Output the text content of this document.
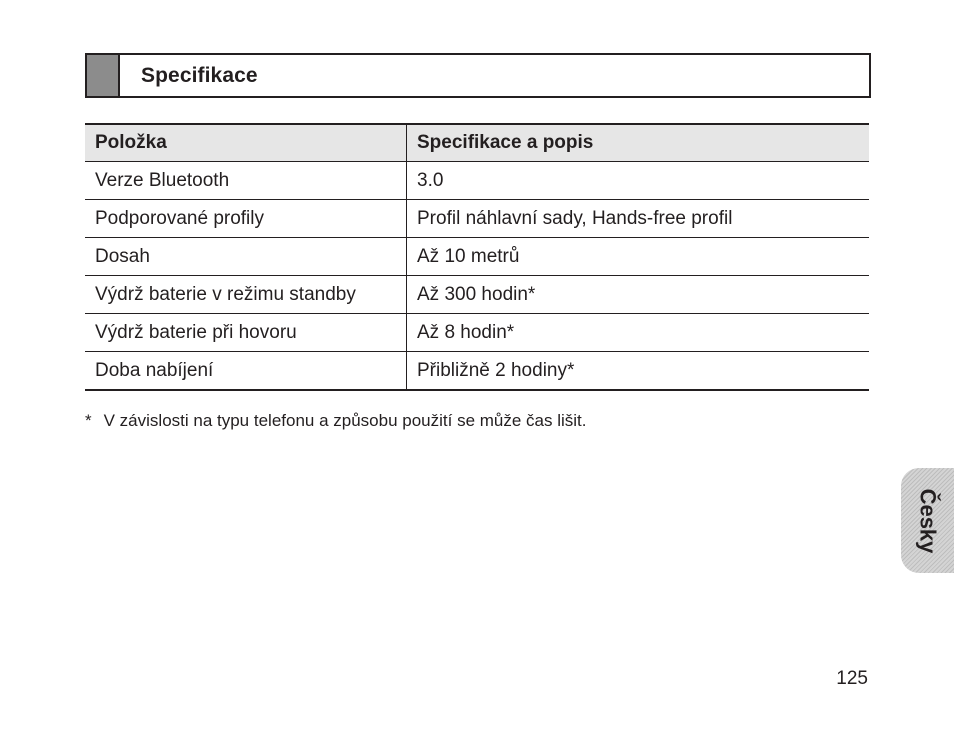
Specifikace
Položka	Specifikace a popis
Verze Bluetooth	3.0
Podporované profily	Profil náhlavní sady, Hands-free profil
Dosah	Až 10 metrů
Výdrž baterie v režimu standby	Až 300 hodin*
Výdrž baterie při hovoru	Až 8 hodin*
Doba nabíjení	Přibližně 2 hodiny*
* V závislosti na typu telefonu a způsobu použití se může čas lišit.
Česky
125
